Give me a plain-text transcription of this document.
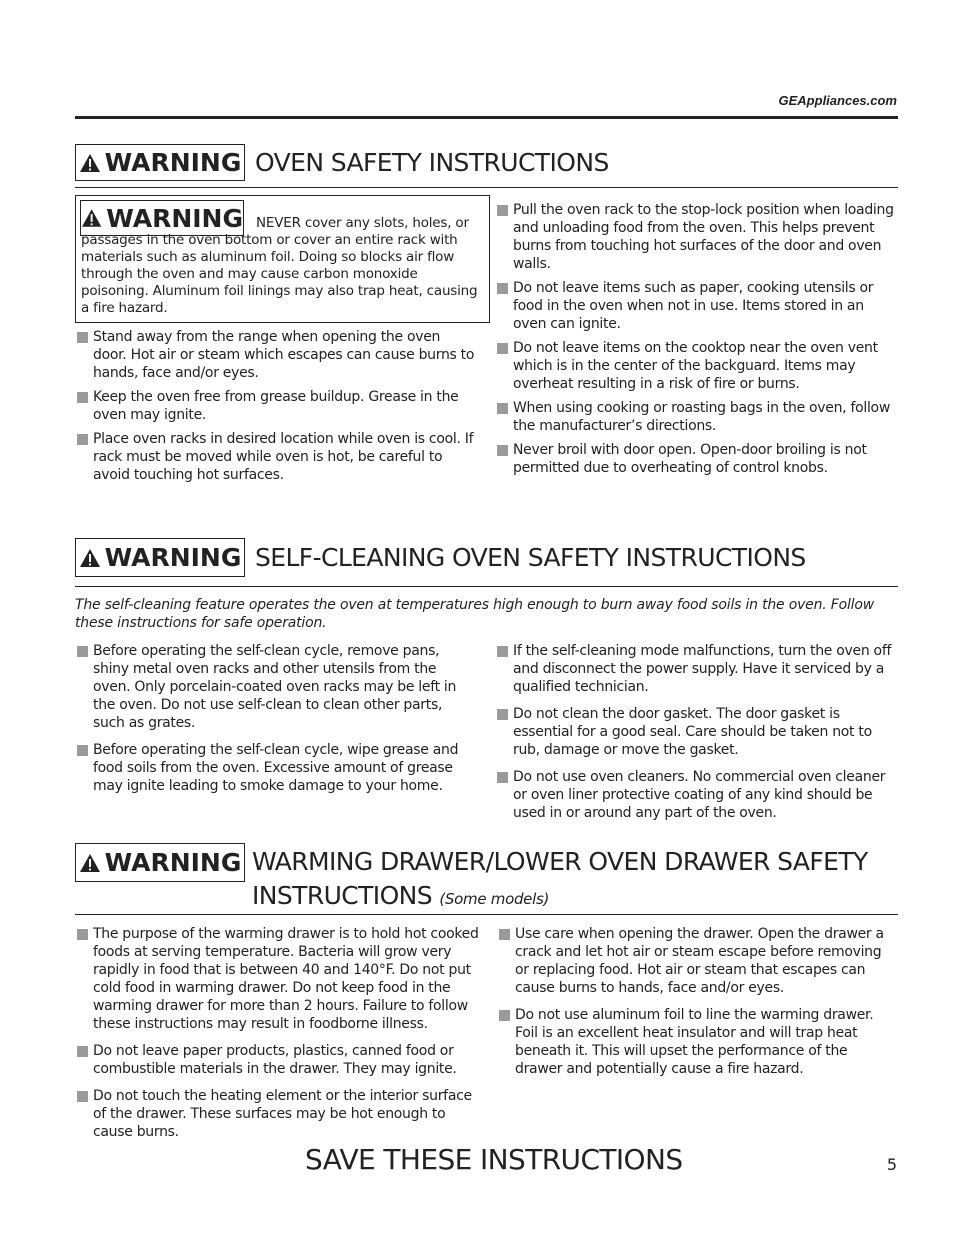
GEAppliances.com
WARNING OVEN SAFETY INSTRUCTIONS
WARNING NEVER cover any slots, holes, or passages in the oven bottom or cover an entire rack with materials such as aluminum foil. Doing so blocks air flow through the oven and may cause carbon monoxide poisoning. Aluminum foil linings may also trap heat, causing a fire hazard.
Stand away from the range when opening the oven door. Hot air or steam which escapes can cause burns to hands, face and/or eyes.
Keep the oven free from grease buildup. Grease in the oven may ignite.
Place oven racks in desired location while oven is cool. If rack must be moved while oven is hot, be careful to avoid touching hot surfaces.
Pull the oven rack to the stop-lock position when loading and unloading food from the oven. This helps prevent burns from touching hot surfaces of the door and oven walls.
Do not leave items such as paper, cooking utensils or food in the oven when not in use. Items stored in an oven can ignite.
Do not leave items on the cooktop near the oven vent which is in the center of the backguard. Items may overheat resulting in a risk of fire or burns.
When using cooking or roasting bags in the oven, follow the manufacturer’s directions.
Never broil with door open. Open-door broiling is not permitted due to overheating of control knobs.
WARNING SELF-CLEANING OVEN SAFETY INSTRUCTIONS
The self-cleaning feature operates the oven at temperatures high enough to burn away food soils in the oven. Follow these instructions for safe operation.
Before operating the self-clean cycle, remove pans, shiny metal oven racks and other utensils from the oven. Only porcelain-coated oven racks may be left in the oven. Do not use self-clean to clean other parts, such as grates.
Before operating the self-clean cycle, wipe grease and food soils from the oven. Excessive amount of grease may ignite leading to smoke damage to your home.
If the self-cleaning mode malfunctions, turn the oven off and disconnect the power supply. Have it serviced by a qualified technician.
Do not clean the door gasket. The door gasket is essential for a good seal. Care should be taken not to rub, damage or move the gasket.
Do not use oven cleaners. No commercial oven cleaner or oven liner protective coating of any kind should be used in or around any part of the oven.
WARNING WARMING DRAWER/LOWER OVEN DRAWER SAFETY
INSTRUCTIONS (Some models)
The purpose of the warming drawer is to hold hot cooked foods at serving temperature. Bacteria will grow very rapidly in food that is between 40 and 140°F. Do not put cold food in warming drawer. Do not keep food in the warming drawer for more than 2 hours. Failure to follow these instructions may result in foodborne illness.
Do not leave paper products, plastics, canned food or combustible materials in the drawer. They may ignite.
Do not touch the heating element or the interior surface of the drawer. These surfaces may be hot enough to cause burns.
Use care when opening the drawer. Open the drawer a crack and let hot air or steam escape before removing or replacing food. Hot air or steam that escapes can cause burns to hands, face and/or eyes.
Do not use aluminum foil to line the warming drawer. Foil is an excellent heat insulator and will trap heat beneath it. This will upset the performance of the drawer and potentially cause a fire hazard.
SAVE THESE INSTRUCTIONS	5
